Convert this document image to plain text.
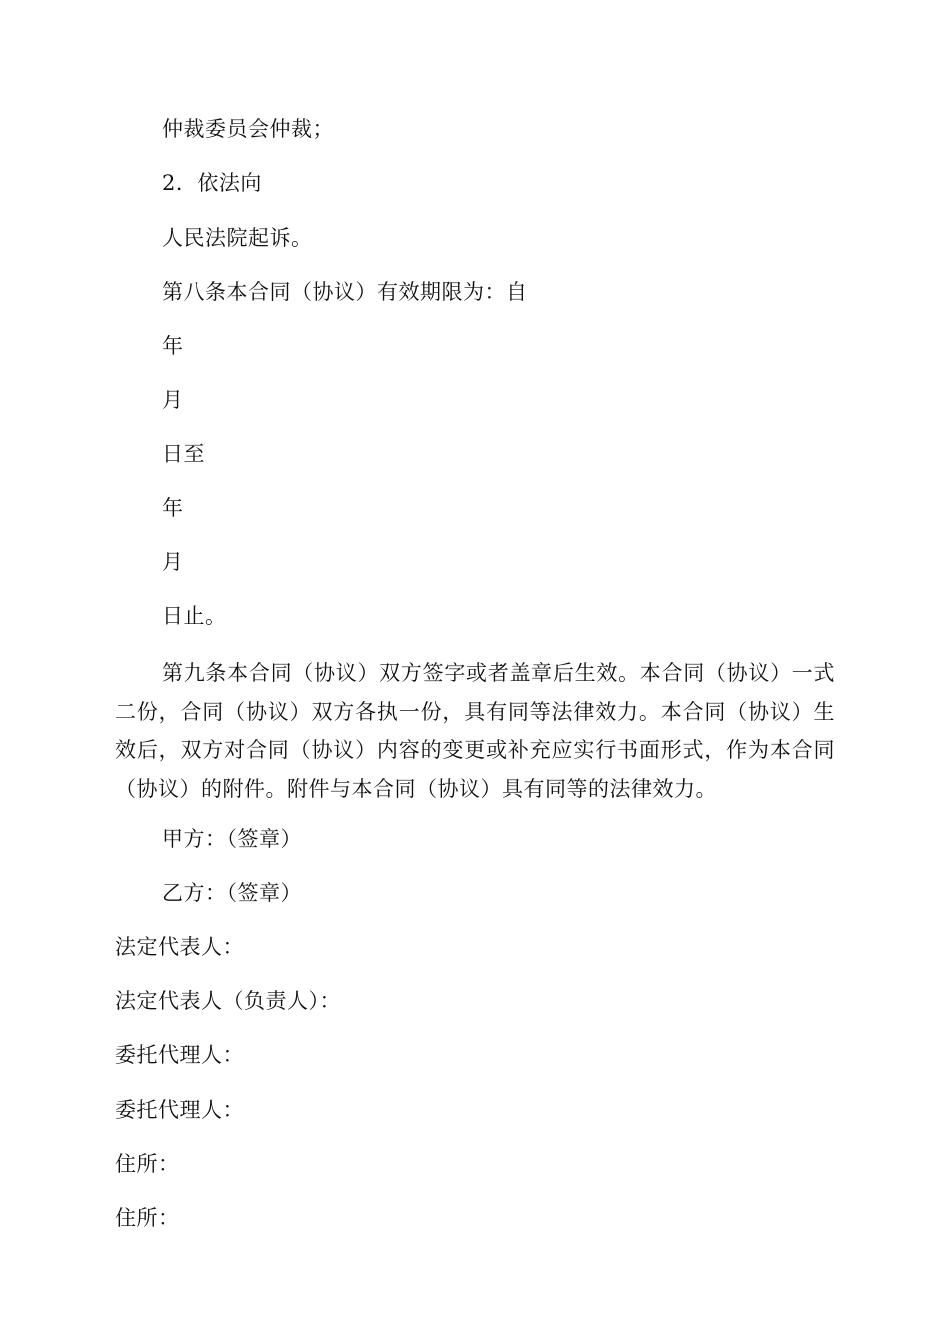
仲裁委员会仲裁；
2．依法向
人民法院起诉。
第八条本合同（协议）有效期限为：自
年
月
日至
年
月
日止。
第九条本合同（协议）双方签字或者盖章后生效。本合同（协议）一式二份，合同（协议）双方各执一份，具有同等法律效力。本合同（协议）生效后，双方对合同（协议）内容的变更或补充应实行书面形式，作为本合同（协议）的附件。附件与本合同（协议）具有同等的法律效力。
甲方：（签章）
乙方：（签章）
法定代表人：
法定代表人（负责人）：
委托代理人：
委托代理人：
住所：
住所：
